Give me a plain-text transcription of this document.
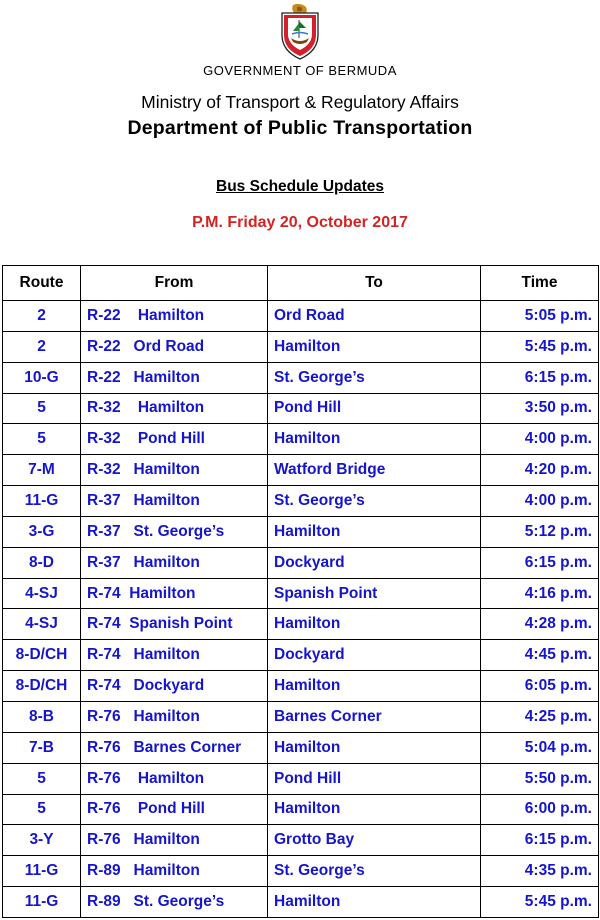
GOVERNMENT OF BERMUDA
Ministry of Transport & Regulatory Affairs
Department of Public Transportation
Bus Schedule Updates
P.M. Friday 20, October 2017
Route	From	To	Time
2	R-22    Hamilton	Ord Road	5:05 p.m.
2	R-22   Ord Road	Hamilton	5:45 p.m.
10-G	R-22   Hamilton	St. George’s	6:15 p.m.
5	R-32    Hamilton	Pond Hill	3:50 p.m.
5	R-32    Pond Hill	Hamilton	4:00 p.m.
7-M	R-32   Hamilton	Watford Bridge	4:20 p.m.
11-G	R-37   Hamilton	St. George’s	4:00 p.m.
3-G	R-37   St. George’s	Hamilton	5:12 p.m.
8-D	R-37   Hamilton	Dockyard	6:15 p.m.
4-SJ	R-74  Hamilton	Spanish Point	4:16 p.m.
4-SJ	R-74  Spanish Point	Hamilton	4:28 p.m.
8-D/CH	R-74   Hamilton	Dockyard	4:45 p.m.
8-D/CH	R-74   Dockyard	Hamilton	6:05 p.m.
8-B	R-76   Hamilton	Barnes Corner	4:25 p.m.
7-B	R-76   Barnes Corner	Hamilton	5:04 p.m.
5	R-76    Hamilton	Pond Hill	5:50 p.m.
5	R-76    Pond Hill	Hamilton	6:00 p.m.
3-Y	R-76   Hamilton	Grotto Bay	6:15 p.m.
11-G	R-89   Hamilton	St. George’s	4:35 p.m.
11-G	R-89   St. George’s	Hamilton	5:45 p.m.
